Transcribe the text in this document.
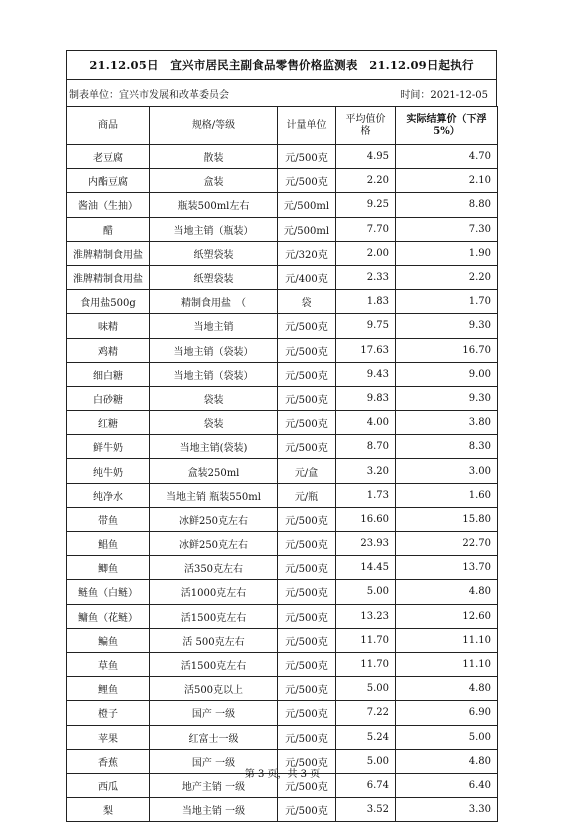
21.12.05日　宜兴市居民主副食品零售价格监测表　21.12.09日起执行
制表单位：宜兴市发展和改革委员会	时间：2021-12-05
商品	规格/等级	计量单位	平均值价格	实际结算价（下浮5%）
老豆腐	散装	元/500克	4.95	4.70
内酯豆腐	盒装	元/500克	2.20	2.10
酱油（生抽）	瓶装500ml左右	元/500ml	9.25	8.80
醋	当地主销（瓶装）	元/500ml	7.70	7.30
淮牌精制食用盐	纸塑袋装	元/320克	2.00	1.90
淮牌精制食用盐	纸塑袋装	元/400克	2.33	2.20
食用盐500g	精制食用盐　（	袋	1.83	1.70
味精	当地主销	元/500克	9.75	9.30
鸡精	当地主销（袋装）	元/500克	17.63	16.70
细白糖	当地主销（袋装）	元/500克	9.43	9.00
白砂糖	袋装	元/500克	9.83	9.30
红糖	袋装	元/500克	4.00	3.80
鲜牛奶	当地主销(袋装)	元/500克	8.70	8.30
纯牛奶	盒装250ml	元/盒	3.20	3.00
纯净水	当地主销 瓶装550ml	元/瓶	1.73	1.60
带鱼	冰鲜250克左右	元/500克	16.60	15.80
鲳鱼	冰鲜250克左右	元/500克	23.93	22.70
鲫鱼	活350克左右	元/500克	14.45	13.70
鲢鱼（白鲢）	活1000克左右	元/500克	5.00	4.80
鳙鱼（花鲢）	活1500克左右	元/500克	13.23	12.60
鳊鱼	活 500克左右	元/500克	11.70	11.10
草鱼	活1500克左右	元/500克	11.70	11.10
鲤鱼	活500克以上	元/500克	5.00	4.80
橙子	国产 一级	元/500克	7.22	6.90
苹果	红富士一级	元/500克	5.24	5.00
香蕉	国产 一级	元/500克	5.00	4.80
西瓜	地产主销 一级	元/500克	6.74	6.40
梨	当地主销 一级	元/500克	3.52	3.30
第 3 页，共 3 页
